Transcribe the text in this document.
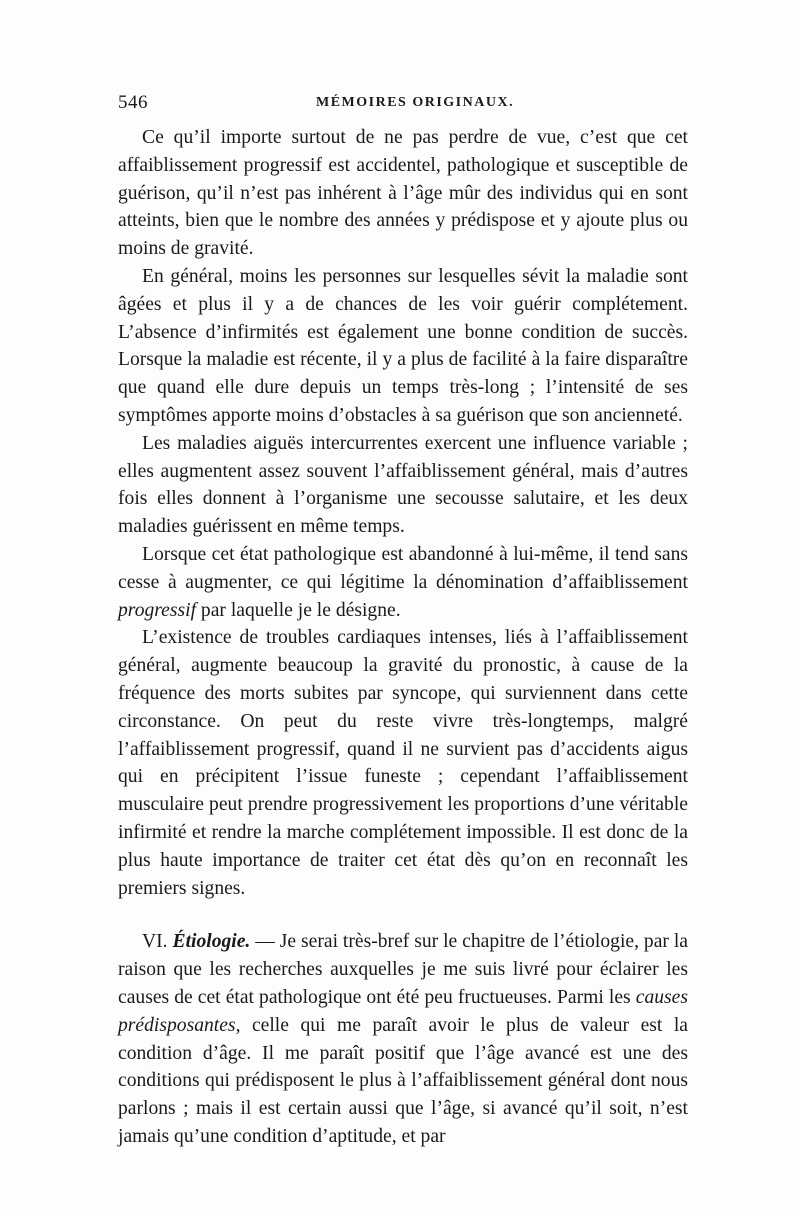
546	MÉMOIRES ORIGINAUX.

Ce qu’il importe surtout de ne pas perdre de vue, c’est que cet affaiblissement progressif est accidentel, pathologique et susceptible de guérison, qu’il n’est pas inhérent à l’âge mûr des individus qui en sont atteints, bien que le nombre des années y prédispose et y ajoute plus ou moins de gravité.

En général, moins les personnes sur lesquelles sévit la maladie sont âgées et plus il y a de chances de les voir guérir complétement. L’absence d’infirmités est également une bonne condition de succès. Lorsque la maladie est récente, il y a plus de facilité à la faire disparaître que quand elle dure depuis un temps très-long ; l’intensité de ses symptômes apporte moins d’obstacles à sa guérison que son ancienneté.

Les maladies aiguës intercurrentes exercent une influence variable ; elles augmentent assez souvent l’affaiblissement général, mais d’autres fois elles donnent à l’organisme une secousse salutaire, et les deux maladies guérissent en même temps.

Lorsque cet état pathologique est abandonné à lui-même, il tend sans cesse à augmenter, ce qui légitime la dénomination d’affaiblissement progressif par laquelle je le désigne.

L’existence de troubles cardiaques intenses, liés à l’affaiblissement général, augmente beaucoup la gravité du pronostic, à cause de la fréquence des morts subites par syncope, qui surviennent dans cette circonstance. On peut du reste vivre très-longtemps, malgré l’affaiblissement progressif, quand il ne survient pas d’accidents aigus qui en précipitent l’issue funeste ; cependant l’affaiblissement musculaire peut prendre progressivement les proportions d’une véritable infirmité et rendre la marche complétement impossible. Il est donc de la plus haute importance de traiter cet état dès qu’on en reconnaît les premiers signes.

VI. Étiologie. — Je serai très-bref sur le chapitre de l’étiologie, par la raison que les recherches auxquelles je me suis livré pour éclairer les causes de cet état pathologique ont été peu fructueuses. Parmi les causes prédisposantes, celle qui me paraît avoir le plus de valeur est la condition d’âge. Il me paraît positif que l’âge avancé est une des conditions qui prédisposent le plus à l’affaiblissement général dont nous parlons ; mais il est certain aussi que l’âge, si avancé qu’il soit, n’est jamais qu’une condition d’aptitude, et par
